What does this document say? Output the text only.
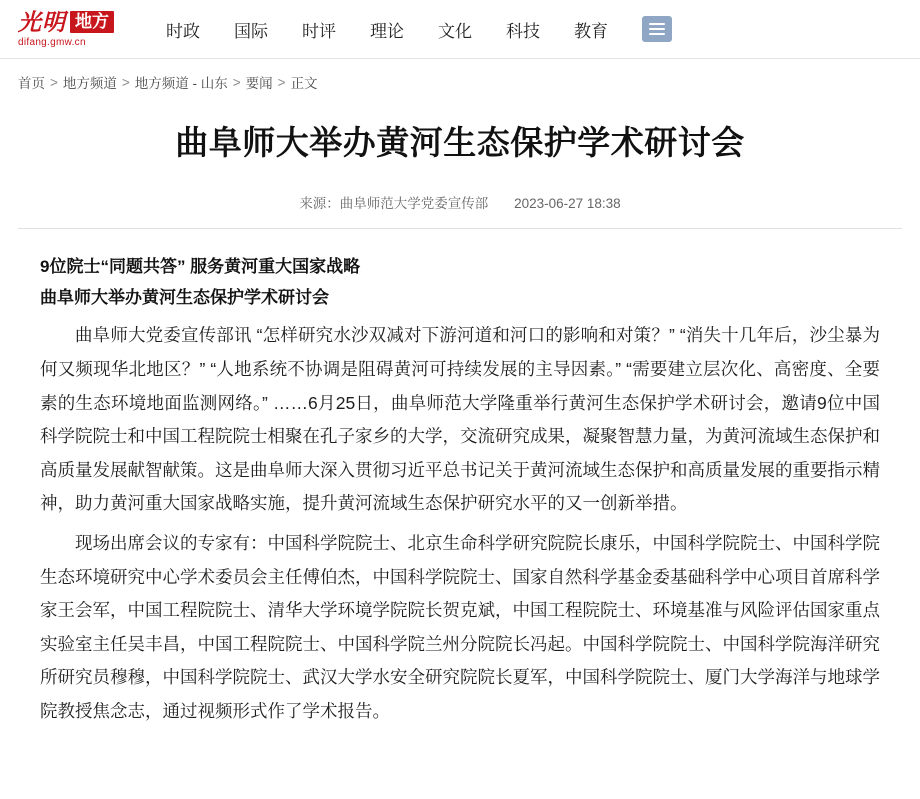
光明 地方
difang.gmw.cn
时政 国际 时评 理论 文化 科技 教育
首页 > 地方频道 > 地方频道 - 山东 > 要闻 > 正文
曲阜师大举办黄河生态保护学术研讨会
来源：曲阜师范大学党委宣传部 2023-06-27 18:38

9位院士“同题共答” 服务黄河重大国家战略

曲阜师大举办黄河生态保护学术研讨会

曲阜师大党委宣传部讯 “怎样研究水沙双减对下游河道和河口的影响和对策？” “消失十几年后，沙尘暴为何又频现华北地区？” “人地系统不协调是阻碍黄河可持续发展的主导因素。” “需要建立层次化、高密度、全要素的生态环境地面监测网络。” ……6月25日，曲阜师范大学隆重举行黄河生态保护学术研讨会，邀请9位中国科学院院士和中国工程院院士相聚在孔子家乡的大学，交流研究成果，凝聚智慧力量，为黄河流域生态保护和高质量发展献智献策。这是曲阜师大深入贯彻习近平总书记关于黄河流域生态保护和高质量发展的重要指示精神，助力黄河重大国家战略实施，提升黄河流域生态保护研究水平的又一创新举措。

现场出席会议的专家有：中国科学院院士、北京生命科学研究院院长康乐，中国科学院院士、中国科学院生态环境研究中心学术委员会主任傅伯杰，中国科学院院士、国家自然科学基金委基础科学中心项目首席科学家王会军，中国工程院院士、清华大学环境学院院长贺克斌，中国工程院院士、环境基准与风险评估国家重点实验室主任吴丰昌，中国工程院院士、中国科学院兰州分院院长冯起。中国科学院院士、中国科学院海洋研究所研究员穆穆，中国科学院院士、武汉大学水安全研究院院长夏军，中国科学院院士、厦门大学海洋与地球学院教授焦念志，通过视频形式作了学术报告。
